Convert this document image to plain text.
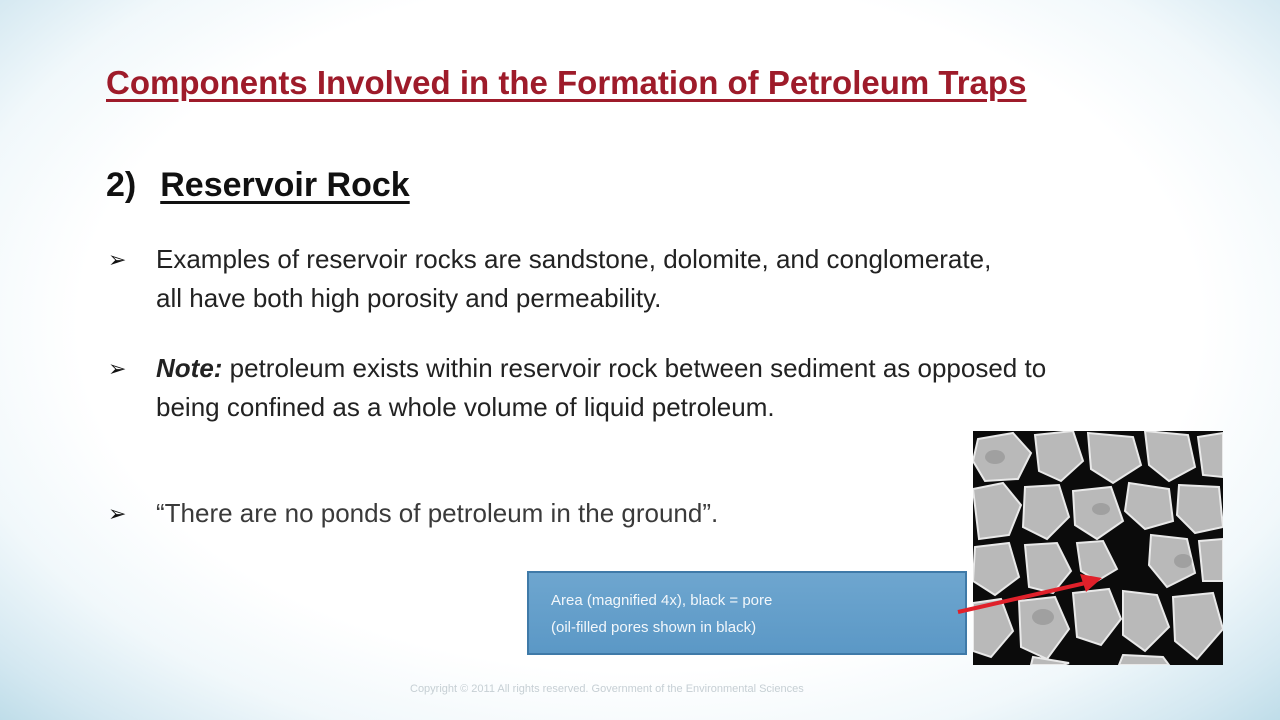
Components Involved in the Formation of Petroleum Traps
2) Reservoir Rock
➢ Examples of reservoir rocks are sandstone, dolomite, and conglomerate, all have both high porosity and permeability.
➢ Note: petroleum exists within reservoir rock between sediment as opposed to being confined as a whole volume of liquid petroleum.
➢ “There are no ponds of petroleum in the ground”.
Area (magnified 4x), black = pore
(oil-filled pores shown in black)
Copyright © 2011 All rights reserved. Government of the Environmental Sciences
